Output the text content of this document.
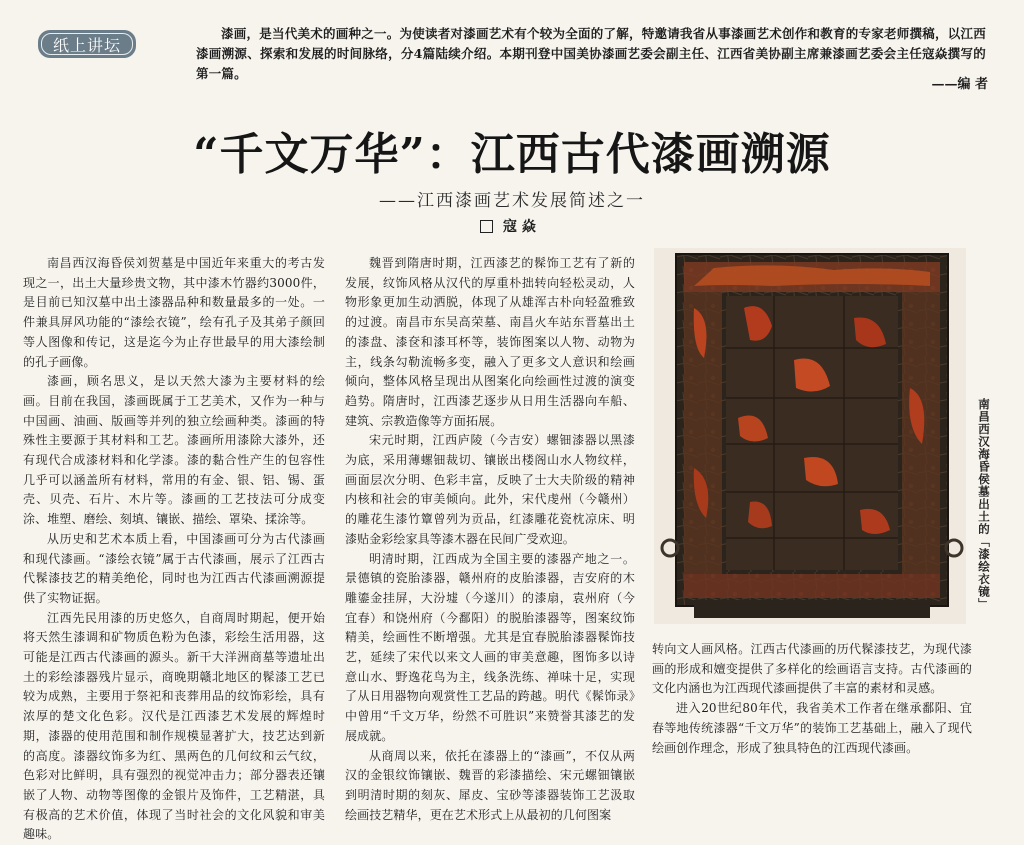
纸上讲坛
漆画，是当代美术的画种之一。为使读者对漆画艺术有个较为全面的了解，特邀请我省从事漆画艺术创作和教育的专家老师撰稿，以江西漆画溯源、探索和发展的时间脉络，分4篇陆续介绍。本期刊登中国美协漆画艺委会副主任、江西省美协副主席兼漆画艺委会主任寇焱撰写的第一篇。
——编 者
“千文万华”：江西古代漆画溯源
——江西漆画艺术发展简述之一
寇 焱

南昌西汉海昏侯刘贺墓是中国近年来重大的考古发现之一，出土大量珍贵文物，其中漆木竹器约3000件，是目前已知汉墓中出土漆器品种和数量最多的一处。一件兼具屏风功能的“漆绘衣镜”，绘有孔子及其弟子颜回等人图像和传记，这是迄今为止存世最早的用大漆绘制的孔子画像。

漆画，顾名思义，是以天然大漆为主要材料的绘画。目前在我国，漆画既属于工艺美术，又作为一种与中国画、油画、版画等并列的独立绘画种类。漆画的特殊性主要源于其材料和工艺。漆画所用漆除大漆外，还有现代合成漆材料和化学漆。漆的黏合性产生的包容性几乎可以涵盖所有材料，常用的有金、银、铝、锡、蛋壳、贝壳、石片、木片等。漆画的工艺技法可分成变涂、堆塑、磨绘、刻填、镶嵌、描绘、罩染、揉涂等。

从历史和艺术本质上看，中国漆画可分为古代漆画和现代漆画。“漆绘衣镜”属于古代漆画，展示了江西古代髹漆技艺的精美绝伦，同时也为江西古代漆画溯源提供了实物证据。

江西先民用漆的历史悠久，自商周时期起，便开始将天然生漆调和矿物质色粉为色漆，彩绘生活用器，这可能是江西古代漆画的源头。新干大洋洲商墓等遗址出土的彩绘漆器残片显示，商晚期赣北地区的髹漆工艺已较为成熟，主要用于祭祀和丧葬用品的纹饰彩绘，具有浓厚的楚文化色彩。汉代是江西漆艺术发展的辉煌时期，漆器的使用范围和制作规模显著扩大，技艺达到新的高度。漆器纹饰多为红、黑两色的几何纹和云气纹，色彩对比鲜明，具有强烈的视觉冲击力；部分器表还镶嵌了人物、动物等图像的金银片及饰件，工艺精湛，具有极高的艺术价值，体现了当时社会的文化风貌和审美趣味。

魏晋到隋唐时期，江西漆艺的髹饰工艺有了新的发展，纹饰风格从汉代的厚重朴拙转向轻松灵动，人物形象更加生动洒脱，体现了从雄浑古朴向轻盈雅致的过渡。南昌市东吴高荣墓、南昌火车站东晋墓出土的漆盘、漆奁和漆耳杯等，装饰图案以人物、动物为主，线条勾勒流畅多变，融入了更多文人意识和绘画倾向，整体风格呈现出从图案化向绘画性过渡的演变趋势。隋唐时，江西漆艺逐步从日用生活器向车船、建筑、宗教造像等方面拓展。

宋元时期，江西庐陵（今吉安）螺钿漆器以黑漆为底，采用薄螺钿裁切、镶嵌出楼阁山水人物纹样，画面层次分明、色彩丰富，反映了士大夫阶级的精神内核和社会的审美倾向。此外，宋代虔州（今赣州）的雕花生漆竹簟曾列为贡品，红漆雕花瓷枕凉床、明漆贴金彩绘家具等漆木器在民间广受欢迎。

明清时期，江西成为全国主要的漆器产地之一。景德镇的瓷胎漆器，赣州府的皮胎漆器，吉安府的木雕鎏金挂屏，大汾墟（今遂川）的漆扇，袁州府（今宜春）和饶州府（今鄱阳）的脱胎漆器等，图案纹饰精美，绘画性不断增强。尤其是宜春脱胎漆器髹饰技艺，延续了宋代以来文人画的审美意趣，图饰多以诗意山水、野逸花鸟为主，线条洗练、禅味十足，实现了从日用器物向观赏性工艺品的跨越。明代《髹饰录》中曾用“千文万华，纷然不可胜识”来赞誉其漆艺的发展成就。

从商周以来，依托在漆器上的“漆画”，不仅从两汉的金银纹饰镶嵌、魏晋的彩漆描绘、宋元螺钿镶嵌到明清时期的刻灰、犀皮、宝砂等漆器装饰工艺汲取绘画技艺精华，更在艺术形式上从最初的几何图案

南昌西汉海昏侯墓出土的「漆绘衣镜」

转向文人画风格。江西古代漆画的历代髹漆技艺，为现代漆画的形成和嬗变提供了多样化的绘画语言支持。古代漆画的文化内涵也为江西现代漆画提供了丰富的素材和灵感。

进入20世纪80年代，我省美术工作者在继承鄱阳、宜春等地传统漆器“千文万华”的装饰工艺基础上，融入了现代绘画创作理念，形成了独具特色的江西现代漆画。
